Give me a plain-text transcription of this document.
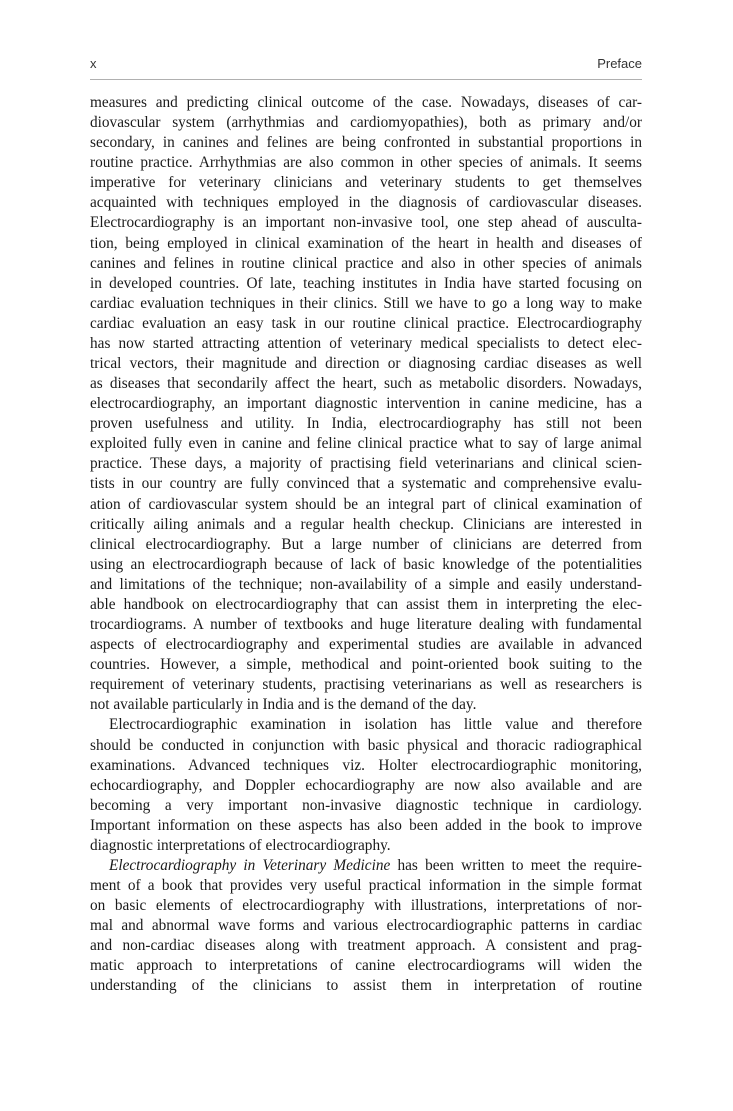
x	Preface

measures and predicting clinical outcome of the case. Nowadays, diseases of car-
diovascular system (arrhythmias and cardiomyopathies), both as primary and/or
secondary, in canines and felines are being confronted in substantial proportions in
routine practice. Arrhythmias are also common in other species of animals. It seems
imperative for veterinary clinicians and veterinary students to get themselves
acquainted with techniques employed in the diagnosis of cardiovascular diseases.
Electrocardiography is an important non-invasive tool, one step ahead of ausculta-
tion, being employed in clinical examination of the heart in health and diseases of
canines and felines in routine clinical practice and also in other species of animals
in developed countries. Of late, teaching institutes in India have started focusing on
cardiac evaluation techniques in their clinics. Still we have to go a long way to make
cardiac evaluation an easy task in our routine clinical practice. Electrocardiography
has now started attracting attention of veterinary medical specialists to detect elec-
trical vectors, their magnitude and direction or diagnosing cardiac diseases as well
as diseases that secondarily affect the heart, such as metabolic disorders. Nowadays,
electrocardiography, an important diagnostic intervention in canine medicine, has a
proven usefulness and utility. In India, electrocardiography has still not been
exploited fully even in canine and feline clinical practice what to say of large animal
practice. These days, a majority of practising field veterinarians and clinical scien-
tists in our country are fully convinced that a systematic and comprehensive evalu-
ation of cardiovascular system should be an integral part of clinical examination of
critically ailing animals and a regular health checkup. Clinicians are interested in
clinical electrocardiography. But a large number of clinicians are deterred from
using an electrocardiograph because of lack of basic knowledge of the potentialities
and limitations of the technique; non-availability of a simple and easily understand-
able handbook on electrocardiography that can assist them in interpreting the elec-
trocardiograms. A number of textbooks and huge literature dealing with fundamental
aspects of electrocardiography and experimental studies are available in advanced
countries. However, a simple, methodical and point-oriented book suiting to the
requirement of veterinary students, practising veterinarians as well as researchers is
not available particularly in India and is the demand of the day.

Electrocardiographic examination in isolation has little value and therefore
should be conducted in conjunction with basic physical and thoracic radiographical
examinations. Advanced techniques viz. Holter electrocardiographic monitoring,
echocardiography, and Doppler echocardiography are now also available and are
becoming a very important non-invasive diagnostic technique in cardiology.
Important information on these aspects has also been added in the book to improve
diagnostic interpretations of electrocardiography.

Electrocardiography in Veterinary Medicine has been written to meet the require-
ment of a book that provides very useful practical information in the simple format
on basic elements of electrocardiography with illustrations, interpretations of nor-
mal and abnormal wave forms and various electrocardiographic patterns in cardiac
and non-cardiac diseases along with treatment approach. A consistent and prag-
matic approach to interpretations of canine electrocardiograms will widen the
understanding of the clinicians to assist them in interpretation of routine
